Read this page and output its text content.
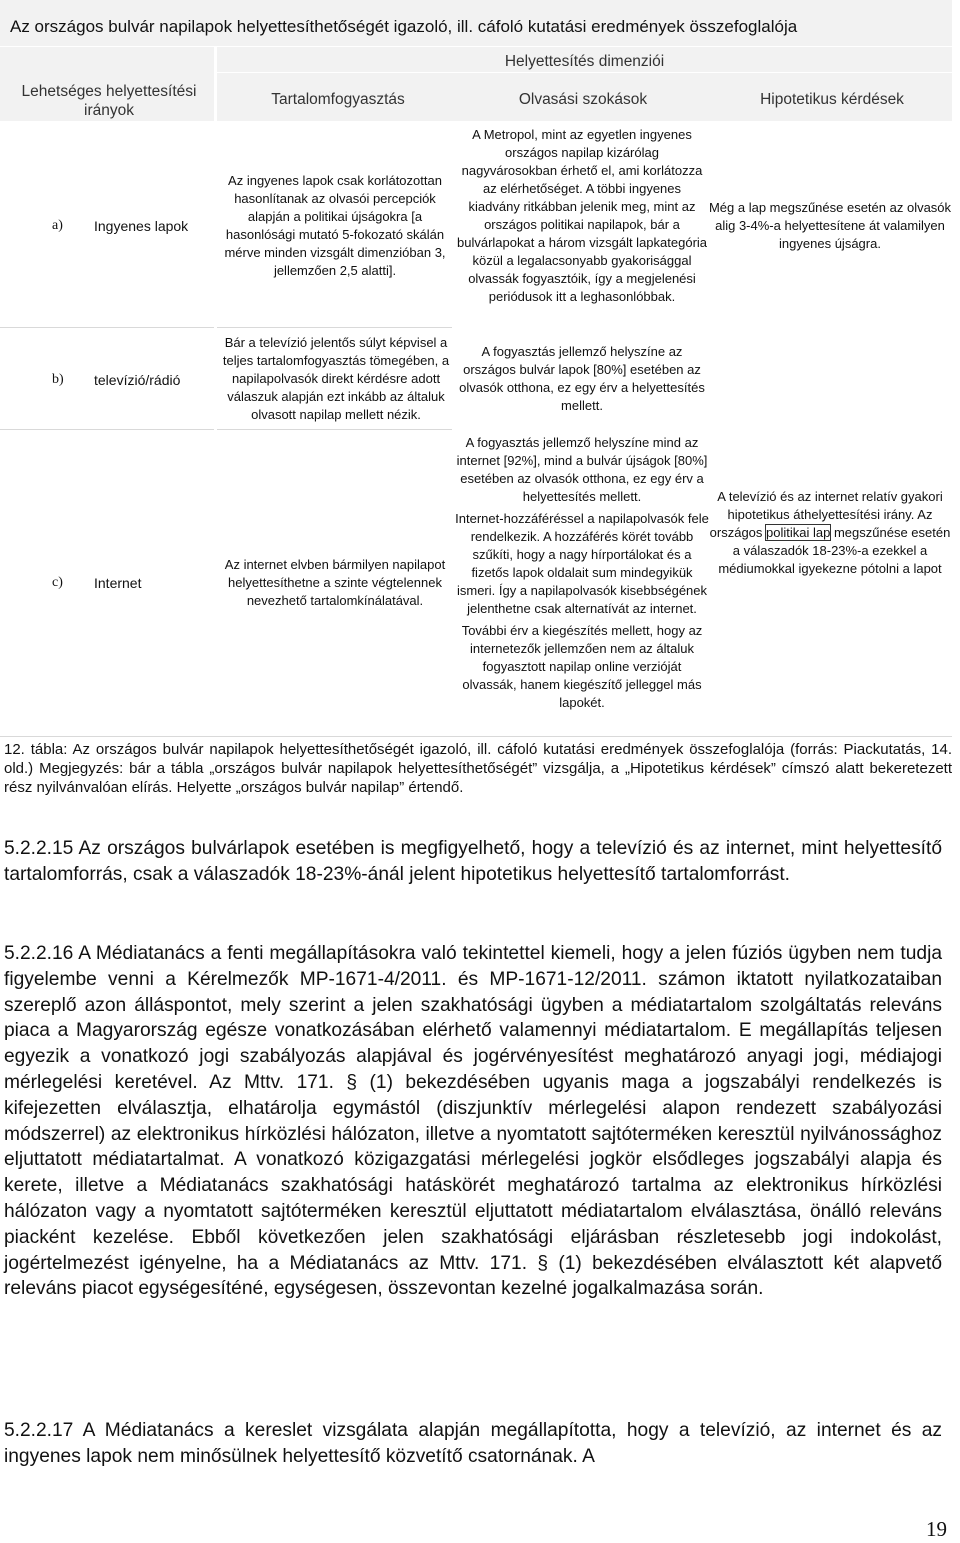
Az országos bulvár napilapok helyettesíthetőségét igazoló, ill. cáfoló kutatási eredmények összefoglalója
Helyettesítés dimenziói
Lehetséges helyettesítési irányok
Tartalomfogyasztás	Olvasási szokások	Hipotetikus kérdések
a) Ingyenes lapok
Az ingyenes lapok csak korlátozottan hasonlítanak az olvasói percepciók alapján a politikai újságokra [a hasonlósági mutató 5-fokozató skálán mérve minden vizsgált dimenzióban 3, jellemzően 2,5 alatti].
A Metropol, mint az egyetlen ingyenes országos napilap kizárólag nagyvárosokban érhető el, ami korlátozza az elérhetőséget. A többi ingyenes kiadvány ritkábban jelenik meg, mint az országos politikai napilapok, bár a bulvárlapokat a három vizsgált lapkategória közül a legalacsonyabb gyakorisággal olvassák fogyasztóik, így a megjelenési periódusok itt a leghasonlóbbak.
Még a lap megszűnése esetén az olvasók alig 3-4%-a helyettesítene át valamilyen ingyenes újságra.
b) televízió/rádió
Bár a televízió jelentős súlyt képvisel a teljes tartalomfogyasztás tömegében, a napilapolvasók direkt kérdésre adott válaszuk alapján ezt inkább az általuk olvasott napilap mellett nézik.
A fogyasztás jellemző helyszíne az országos bulvár lapok [80%] esetében az olvasók otthona, ez egy érv a helyettesítés mellett.
c) Internet
Az internet elvben bármilyen napilapot helyettesíthetne a szinte végtelennek nevezhető tartalomkínálatával.
A fogyasztás jellemző helyszíne mind az internet [92%], mind a bulvár újságok [80%] esetében az olvasók otthona, ez egy érv a helyettesítés mellett.
Internet-hozzáféréssel a napilapolvasók fele rendelkezik. A hozzáférés körét tovább szűkíti, hogy a nagy hírportálokat és a fizetős lapok oldalait sum mindegyikük ismeri. Így a napilapolvasók kisebbségének jelenthetne csak alternatívát az internet.
További érv a kiegészítés mellett, hogy az internetezők jellemzően nem az általuk fogyasztott napilap online verzióját olvassák, hanem kiegészítő jelleggel más lapokét.
A televízió és az internet relatív gyakori hipotetikus áthelyettesítési irány. Az országos politikai lap megszűnése esetén a válaszadók 18-23%-a ezekkel a médiumokkal igyekezne pótolni a lapot
12. tábla: Az országos bulvár napilapok helyettesíthetőségét igazoló, ill. cáfoló kutatási eredmények összefoglalója (forrás: Piackutatás, 14. old.) Megjegyzés: bár a tábla „országos bulvár napilapok helyettesíthetőségét” vizsgálja, a „Hipotetikus kérdések” címszó alatt bekeretezett rész nyilvánvalóan elírás. Helyette „országos bulvár napilap” értendő.
5.2.2.15 Az országos bulvárlapok esetében is megfigyelhető, hogy a televízió és az internet, mint helyettesítő tartalomforrás, csak a válaszadók 18-23%-ánál jelent hipotetikus helyettesítő tartalomforrást.
5.2.2.16 A Médiatanács a fenti megállapításokra való tekintettel kiemeli, hogy a jelen fúziós ügyben nem tudja figyelembe venni a Kérelmezők MP-1671-4/2011. és MP-1671-12/2011. számon iktatott nyilatkozataiban szereplő azon álláspontot, mely szerint a jelen szakhatósági ügyben a médiatartalom szolgáltatás releváns piaca a Magyarország egésze vonatkozásában elérhető valamennyi médiatartalom. E megállapítás teljesen egyezik a vonatkozó jogi szabályozás alapjával és jogérvényesítést meghatározó anyagi jogi, médiajogi mérlegelési keretével. Az Mttv. 171. § (1) bekezdésében ugyanis maga a jogszabályi rendelkezés is kifejezetten elválasztja, elhatárolja egymástól (diszjunktív mérlegelési alapon rendezett szabályozási módszerrel) az elektronikus hírközlési hálózaton, illetve a nyomtatott sajtóterméken keresztül nyilvánossághoz eljuttatott médiatartalmat. A vonatkozó közigazgatási mérlegelési jogkör elsődleges jogszabályi alapja és kerete, illetve a Médiatanács szakhatósági hatáskörét meghatározó tartalma az elektronikus hírközlési hálózaton vagy a nyomtatott sajtóterméken keresztül eljuttatott médiatartalom elválasztása, önálló releváns piacként kezelése. Ebből következően jelen szakhatósági eljárásban részletesebb jogi indokolást, jogértelmezést igényelne, ha a Médiatanács az Mttv. 171. § (1) bekezdésében elválasztott két alapvető releváns piacot egységesíténé, egységesen, összevontan kezelné jogalkalmazása során.
5.2.2.17 A Médiatanács a kereslet vizsgálata alapján megállapította, hogy a televízió, az internet és az ingyenes lapok nem minősülnek helyettesítő közvetítő csatornának. A
19
